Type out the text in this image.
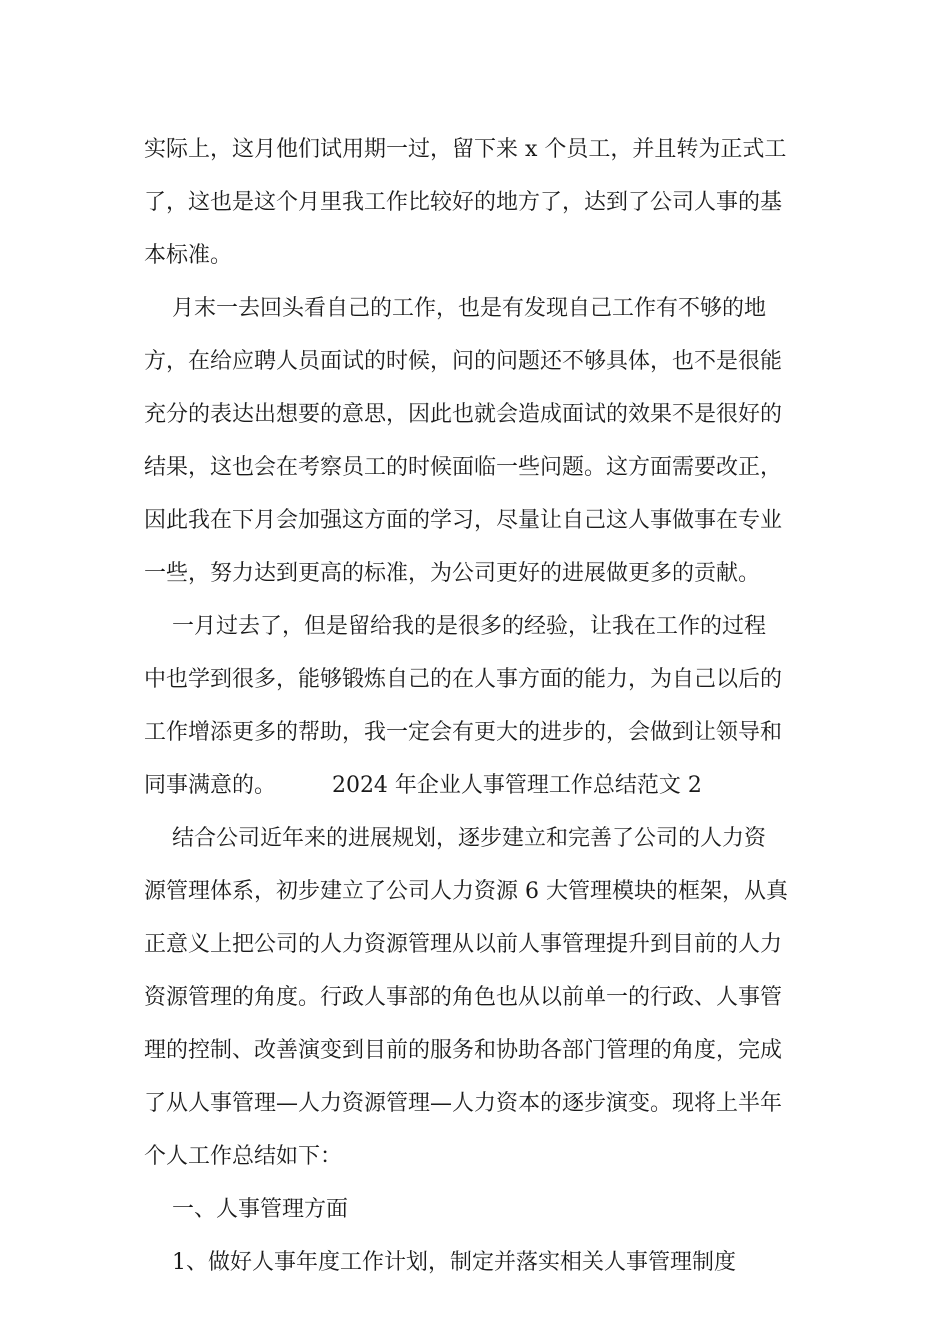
实际上，这月他们试用期一过，留下来 x 个员工，并且转为正式工
了，这也是这个月里我工作比较好的地方了，达到了公司人事的基
本标准。
月末一去回头看自己的工作，也是有发现自己工作有不够的地
方，在给应聘人员面试的时候，问的问题还不够具体，也不是很能
充分的表达出想要的意思，因此也就会造成面试的效果不是很好的
结果，这也会在考察员工的时候面临一些问题。这方面需要改正，
因此我在下月会加强这方面的学习，尽量让自己这人事做事在专业
一些，努力达到更高的标准，为公司更好的进展做更多的贡献。
一月过去了，但是留给我的是很多的经验，让我在工作的过程
中也学到很多，能够锻炼自己的在人事方面的能力，为自己以后的
工作增添更多的帮助，我一定会有更大的进步的，会做到让领导和
同事满意的。        2024 年企业人事管理工作总结范文 2
结合公司近年来的进展规划，逐步建立和完善了公司的人力资
源管理体系，初步建立了公司人力资源 6 大管理模块的框架，从真
正意义上把公司的人力资源管理从以前人事管理提升到目前的人力
资源管理的角度。行政人事部的角色也从以前单一的行政、人事管
理的控制、改善演变到目前的服务和协助各部门管理的角度，完成
了从人事管理—人力资源管理—人力资本的逐步演变。现将上半年
个人工作总结如下：
一、人事管理方面
1、做好人事年度工作计划，制定并落实相关人事管理制度
